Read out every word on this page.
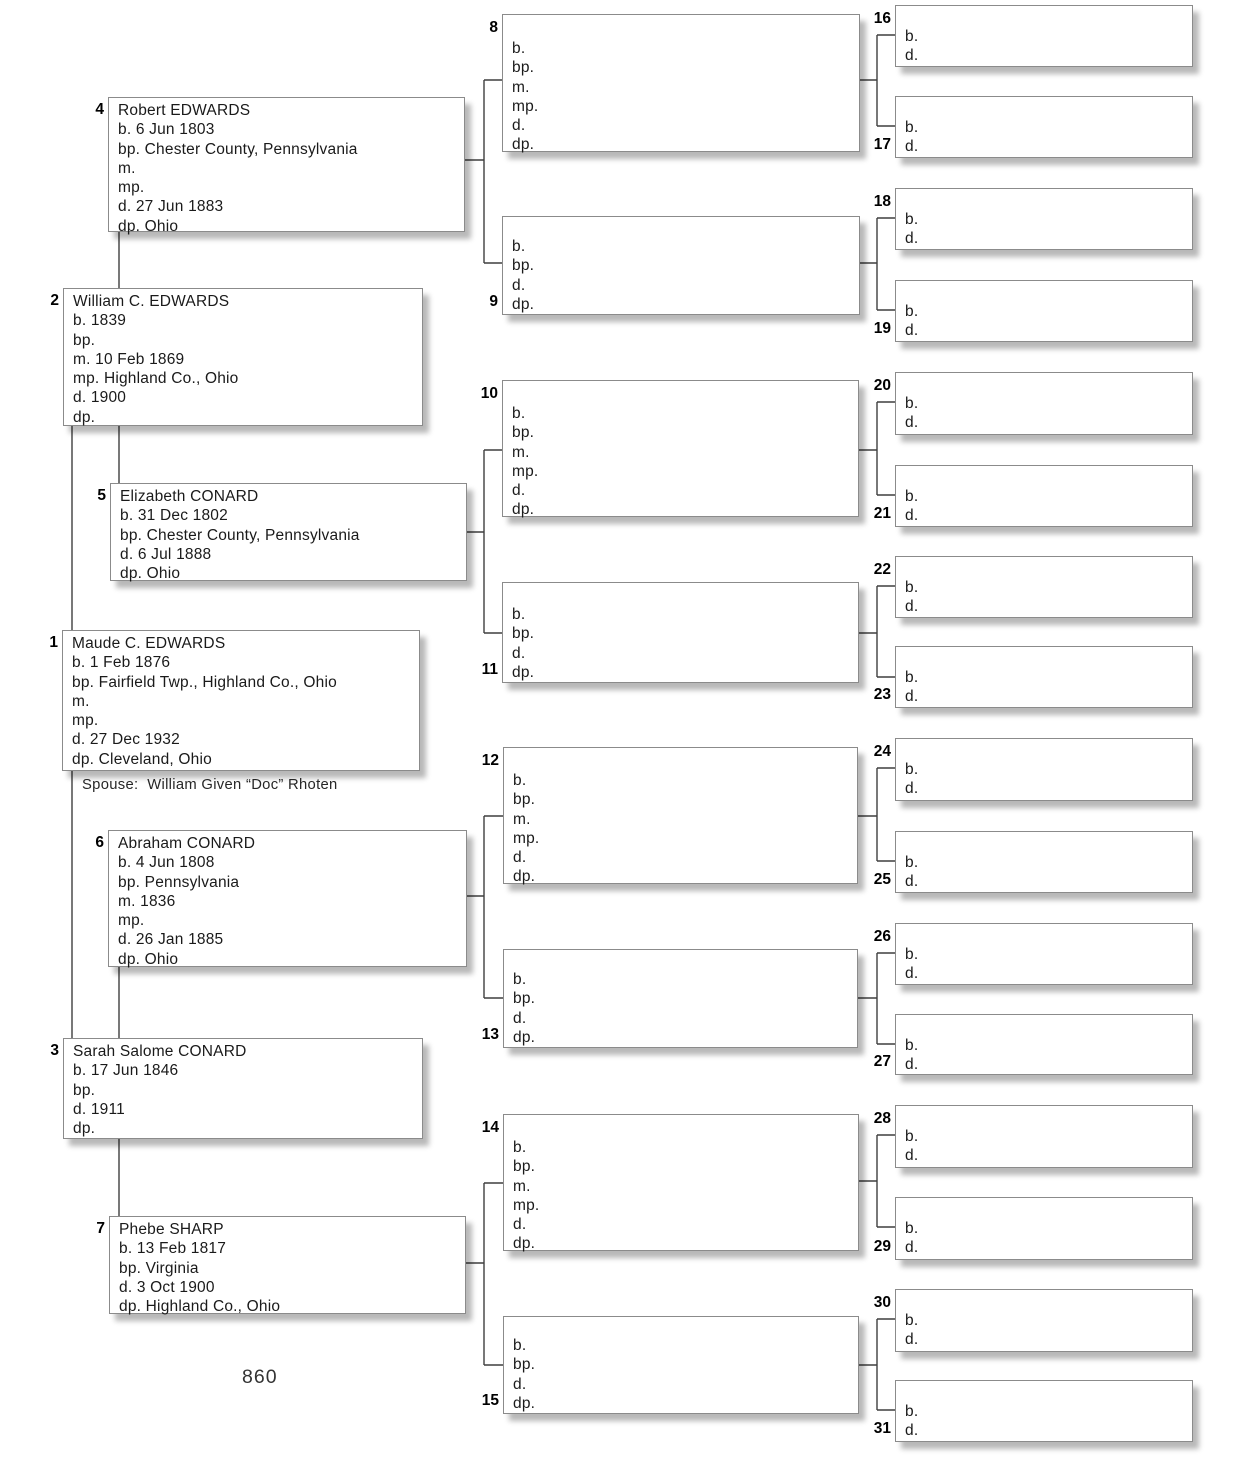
Maude C. EDWARDS
b. 1 Feb 1876
bp. Fairfield Twp., Highland Co., Ohio
m.
mp.
d. 27 Dec 1932
dp. Cleveland, Ohio
1
William C. EDWARDS
b. 1839
bp.
m. 10 Feb 1869
mp. Highland Co., Ohio
d. 1900
dp.
2
Sarah Salome CONARD
b. 17 Jun 1846
bp.
d. 1911
dp.
3
Robert EDWARDS
b. 6 Jun 1803
bp. Chester County, Pennsylvania
m.
mp.
d. 27 Jun 1883
dp. Ohio
4
Elizabeth CONARD
b. 31 Dec 1802
bp. Chester County, Pennsylvania
d. 6 Jul 1888
dp. Ohio
5
Abraham CONARD
b. 4 Jun 1808
bp. Pennsylvania
m. 1836
mp.
d. 26 Jan 1885
dp. Ohio
6
Phebe SHARP
b. 13 Feb 1817
bp. Virginia
d. 3 Oct 1900
dp. Highland Co., Ohio
7
b.
bp.
m.
mp.
d.
dp.
8
b.
bp.
d.
dp.
9
b.
bp.
m.
mp.
d.
dp.
10
b.
bp.
d.
dp.
11
b.
bp.
m.
mp.
d.
dp.
12
b.
bp.
d.
dp.
13
b.
bp.
m.
mp.
d.
dp.
14
b.
bp.
d.
dp.
15
b.
d.
16
b.
d.
17
b.
d.
18
b.
d.
19
b.
d.
20
b.
d.
21
b.
d.
22
b.
d.
23
b.
d.
24
b.
d.
25
b.
d.
26
b.
d.
27
b.
d.
28
b.
d.
29
b.
d.
30
b.
d.
31
Spouse:  William Given “Doc” Rhoten
860
